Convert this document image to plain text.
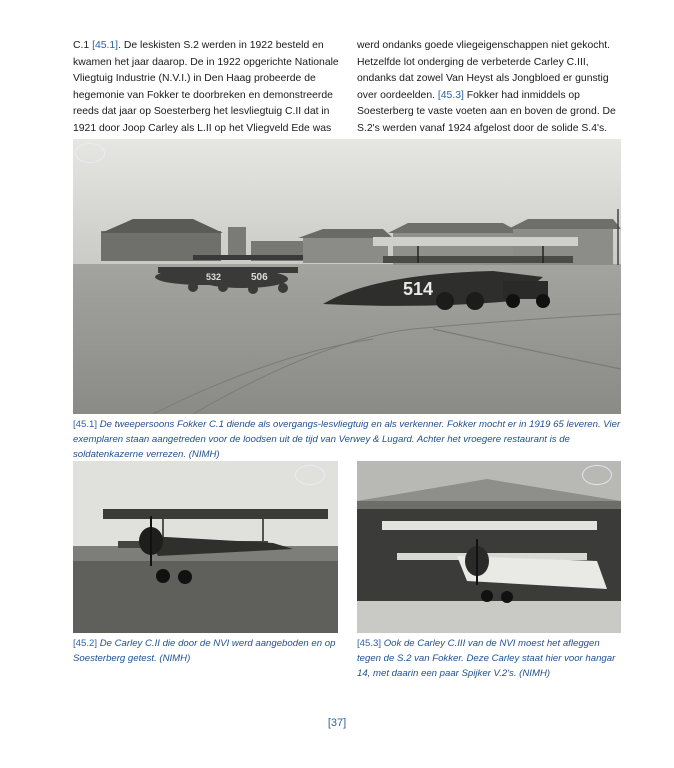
C.1 [45.1]. De leskisten S.2 werden in 1922 besteld en kwamen het jaar daarop. De in 1922 opgerichte Nationale Vliegtuig Industrie (N.V.I.) in Den Haag probeerde de hegemonie van Fokker te doorbreken en demonstreerde reeds dat jaar op Soesterberg het lesvliegtuig C.II dat in 1921 door Joop Carley als L.II op het Vliegveld Ede was
werd ondanks goede vliegeigenschappen niet gekocht. Hetzelfde lot onderging de verbeterde Carley C.III, ondanks dat zowel Van Heyst als Jongbloed er gunstig over oordeelden. [45.3] Fokker had inmiddels op Soesterberg te vaste voeten aan en boven de grond. De S.2's werden vanaf 1924 afgelost door de solide S.4's.
532	506
514
[45.1] De tweepersoons Fokker C.1 diende als overgangs-lesvliegtuig en als verkenner. Fokker mocht er in 1919 65 leveren. Vier exemplaren staan aangetreden voor de loodsen uit de tijd van Verwey & Lugard. Achter het vroegere restaurant is de soldatenkazerne verrezen. (NIMH)
[45.2] De Carley C.II die door de NVI werd aangeboden en op Soesterberg getest. (NIMH)
[45.3] Ook de Carley C.III van de NVI moest het afleggen tegen de S.2 van Fokker. Deze Carley staat hier voor hangar 14, met daarin een paar Spijker V.2's. (NIMH)
[37]
